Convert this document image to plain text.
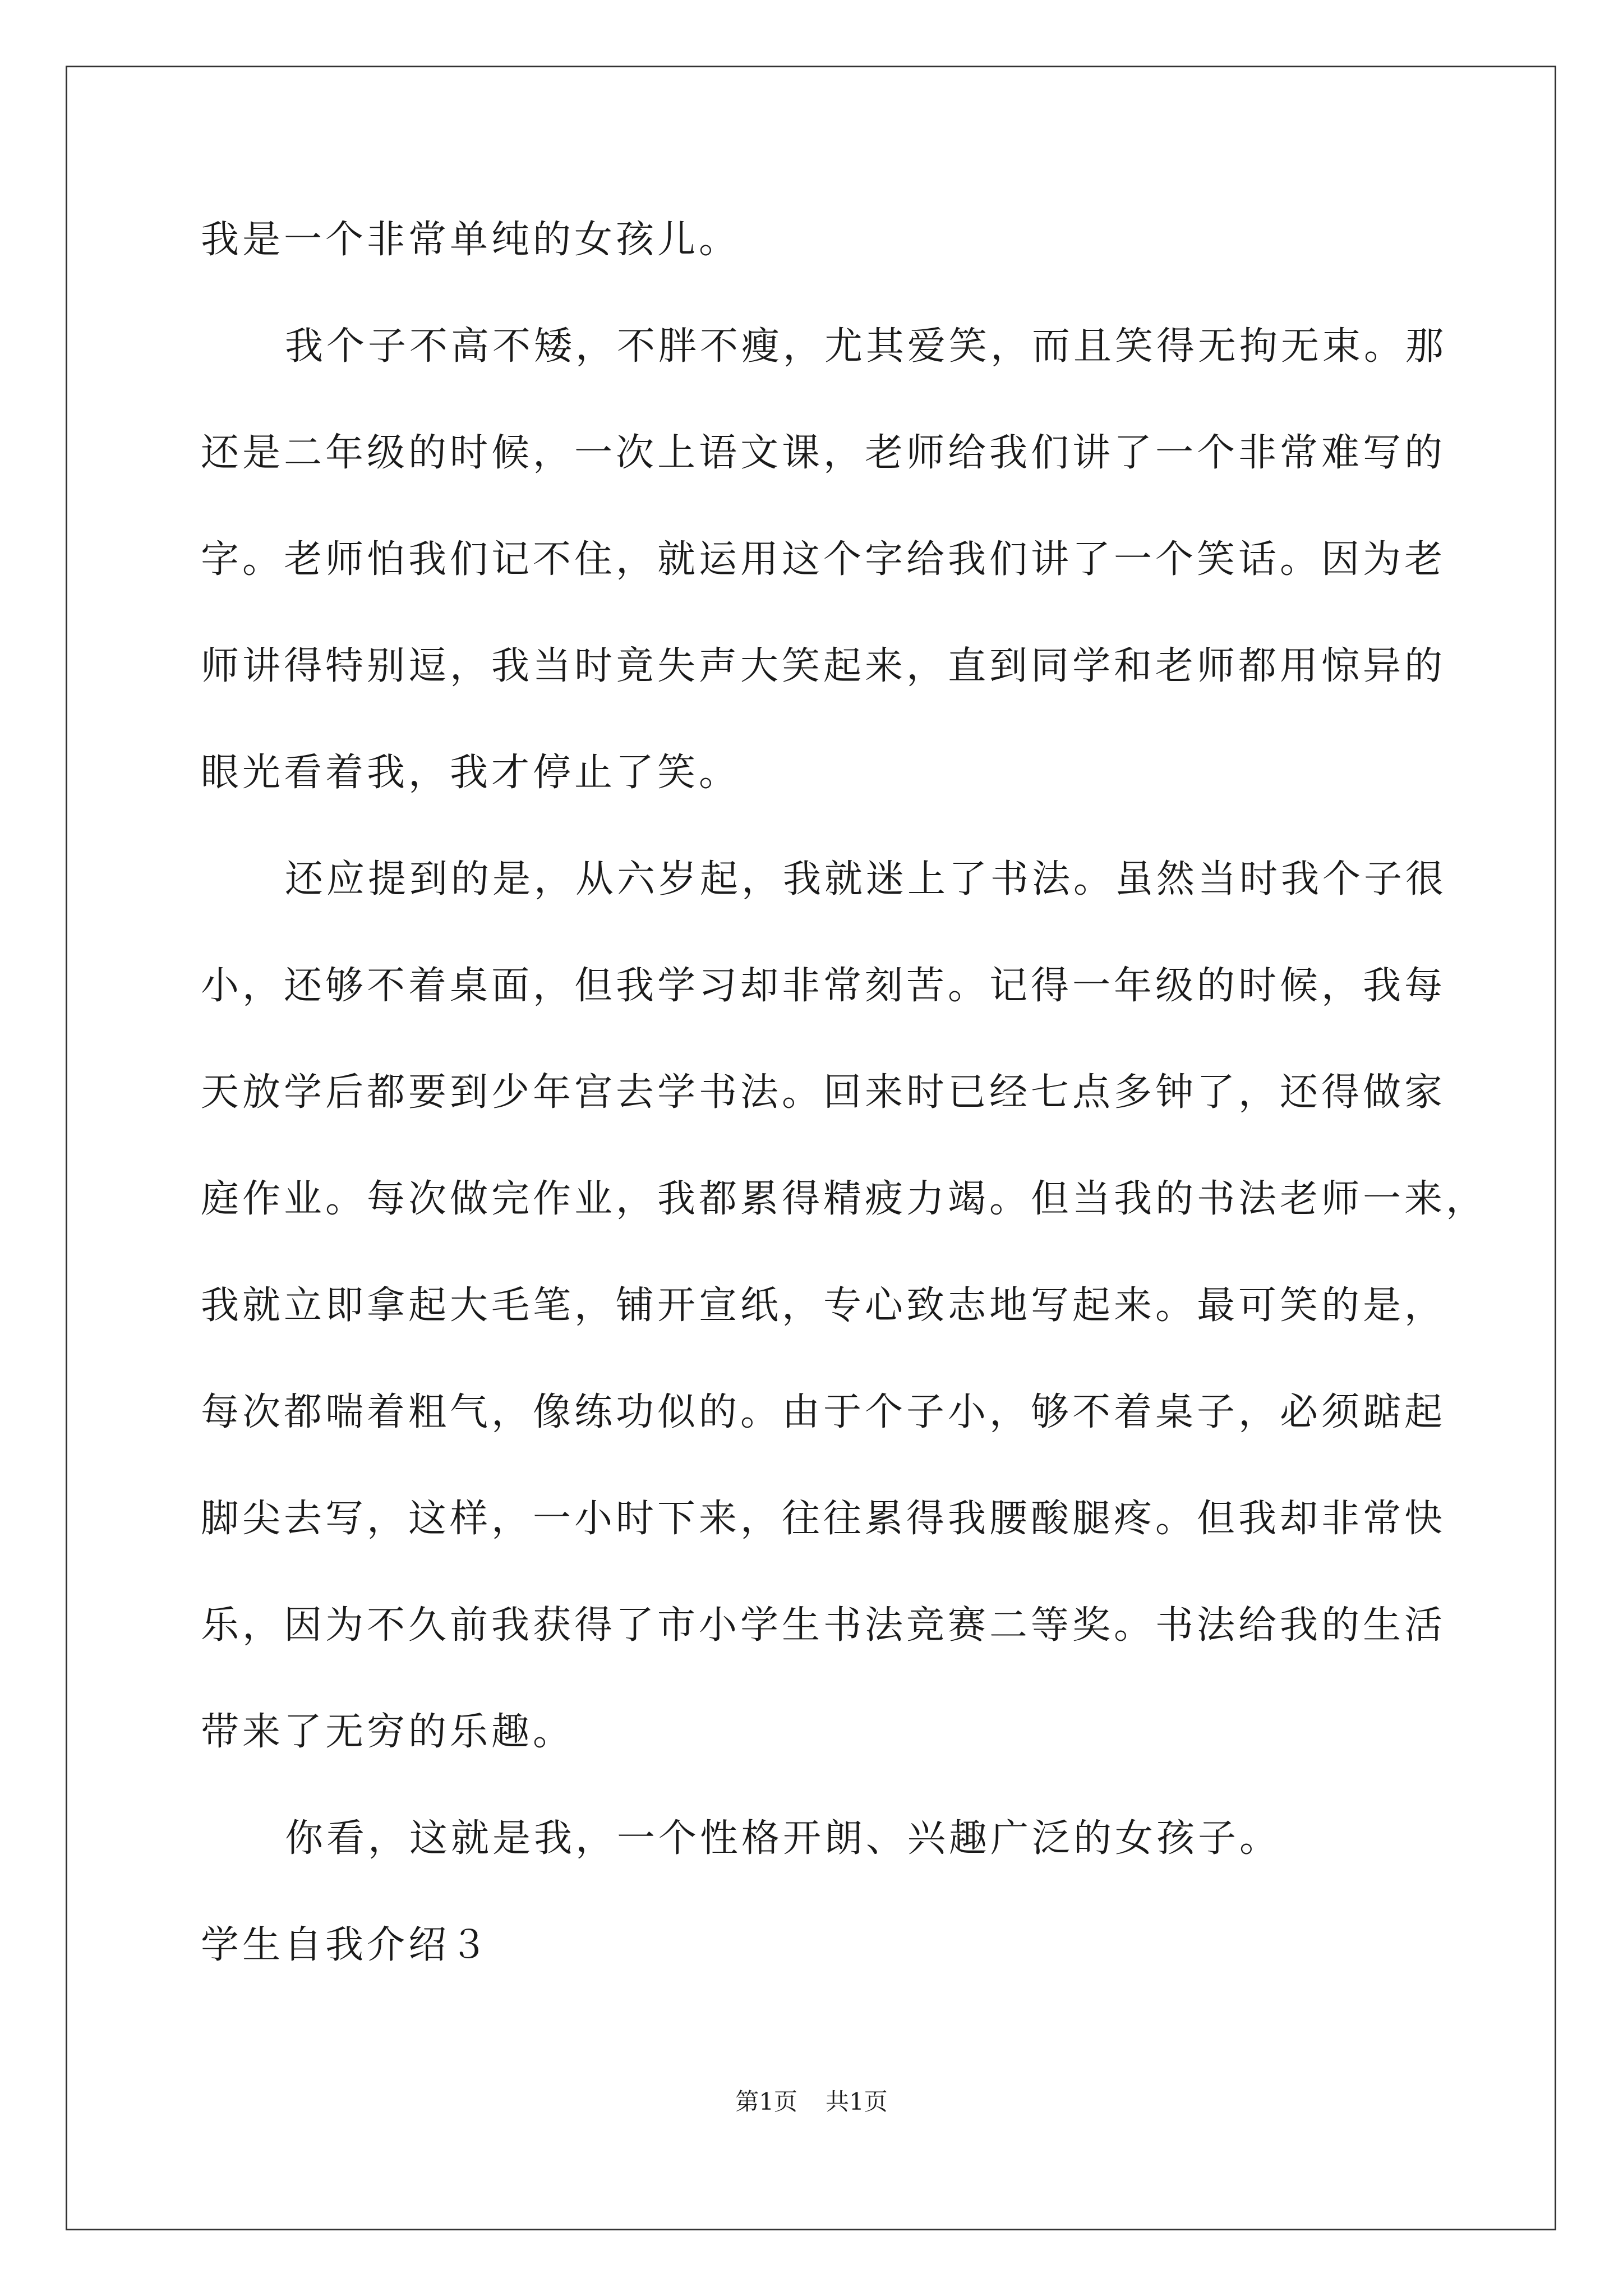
我是一个非常单纯的女孩儿。
我个子不高不矮，不胖不瘦，尤其爱笑，而且笑得无拘无束。那
还是二年级的时候，一次上语文课，老师给我们讲了一个非常难写的
字。老师怕我们记不住，就运用这个字给我们讲了一个笑话。因为老
师讲得特别逗，我当时竟失声大笑起来，直到同学和老师都用惊异的
眼光看着我，我才停止了笑。
还应提到的是，从六岁起，我就迷上了书法。虽然当时我个子很
小，还够不着桌面，但我学习却非常刻苦。记得一年级的时候，我每
天放学后都要到少年宫去学书法。回来时已经七点多钟了，还得做家
庭作业。每次做完作业，我都累得精疲力竭。但当我的书法老师一来，
我就立即拿起大毛笔，铺开宣纸，专心致志地写起来。最可笑的是，
每次都喘着粗气，像练功似的。由于个子小，够不着桌子，必须踮起
脚尖去写，这样，一小时下来，往往累得我腰酸腿疼。但我却非常快
乐，因为不久前我获得了市小学生书法竞赛二等奖。书法给我的生活
带来了无穷的乐趣。
你看，这就是我，一个性格开朗、兴趣广泛的女孩子。
学生自我介绍３
第1页 共1页
